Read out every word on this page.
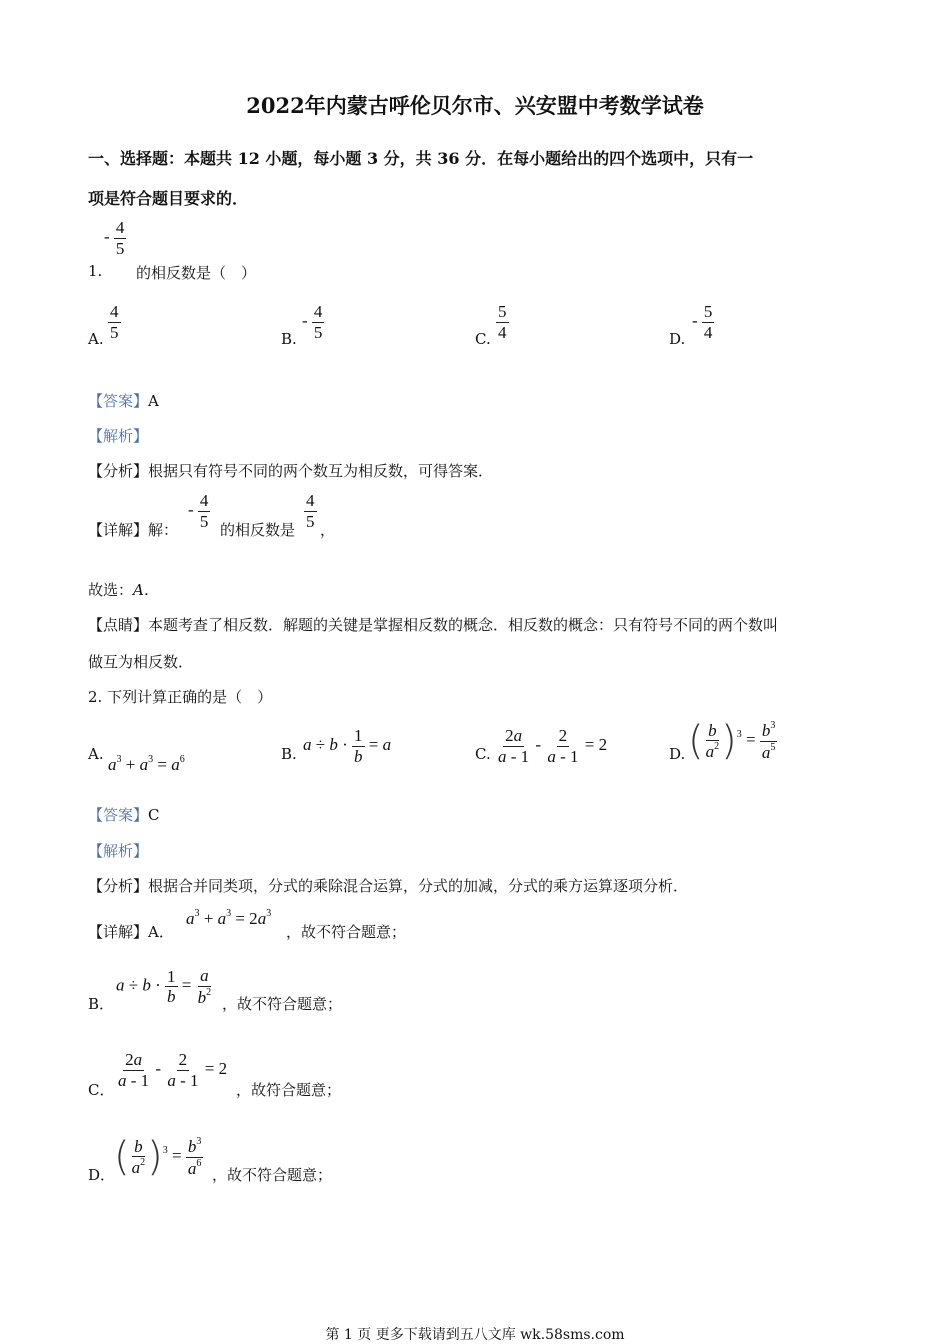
2022年内蒙古呼伦贝尔市、兴安盟中考数学试卷
一、选择题：本题共 12 小题，每小题 3 分，共 36 分．在每小题给出的四个选项中，只有一
项是符合题目要求的．
- $\frac{4}{5}$
1. 的相反数是（　）
A. $\frac{4}{5}$	B.
- $\frac{4}{5}$	C. $\frac{5}{4}$	D.
- $\frac{5}{4}$
【答案】A
【解析】
【分析】根据只有符号不同的两个数互为相反数，可得答案．
【详解】解：
- $\frac{4}{5}$ 的相反数是 $\frac{4}{5}$ ，
故选：A．
【点睛】本题考查了相反数．解题的关键是掌握相反数的概念．相反数的概念：只有符号不同的两个数叫
做互为相反数．
2. 下列计算正确的是（　）
A.
$a^3 + a^3 = a^6$	B.
$a \div b \cdot \frac{1}{b} = a$
C. $\frac{2a}{a - 1} - \frac{2}{a - 1} = 2$
D. ( $\frac{b}{a^2} )^3 = \frac{b^3}{a^5}$
【答案】C
【解析】
【分析】根据合并同类项，分式的乘除混合运算，分式的加减，分式的乘方运算逐项分析．
【详解】A．
$a^3 + a^3 = 2a^3$
，故不符合题意；
B．
$a \div b \cdot \frac{1}{b} = \frac{a}{b^2}$ ，故不符合题意；
C． $\frac{2a}{a - 1} - \frac{2}{a - 1} = 2$
，故符合题意；
D．
( $\frac{b}{a^2} )^3 = \frac{b^3}{a^6}$ ，故不符合题意；
第 1 页 更多下载请到五八文库 wk.58sms.com
